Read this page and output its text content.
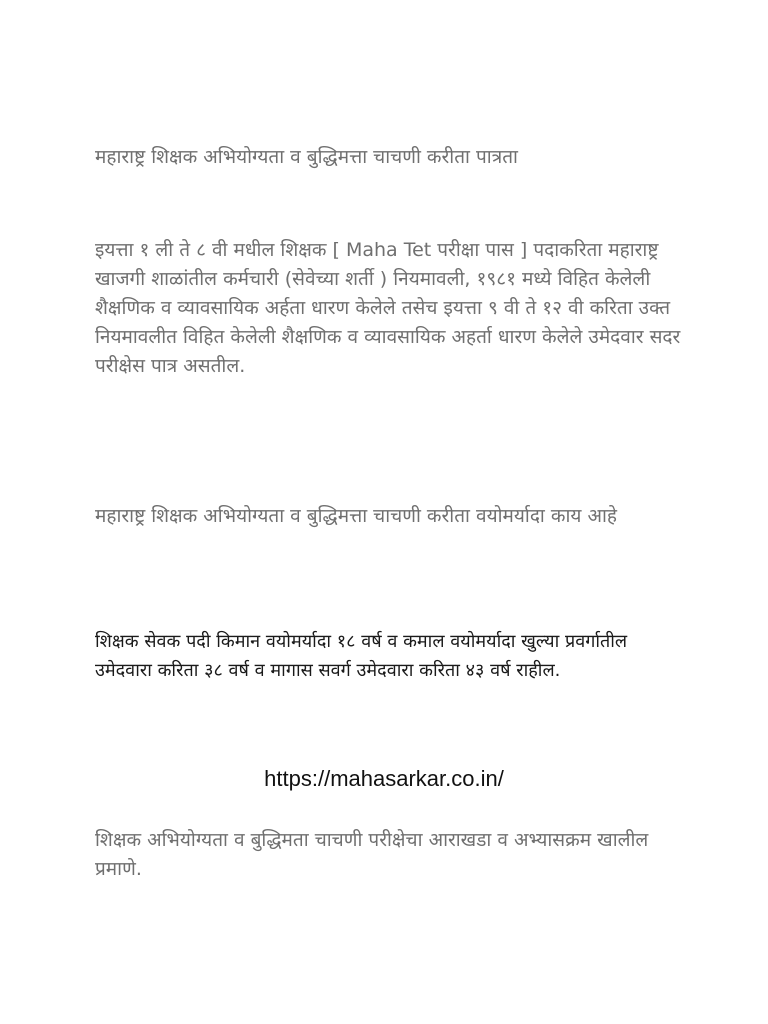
महाराष्ट्र शिक्षक अभियोग्यता व बुद्धिमत्ता चाचणी करीता पात्रता

इयत्ता १ ली ते ८ वी मधील शिक्षक [ Maha Tet परीक्षा पास ] पदाकरिता महाराष्ट्र खाजगी शाळांतील कर्मचारी (सेवेच्या शर्ती ) नियमावली, १९८१ मध्ये विहित केलेली शैक्षणिक व व्यावसायिक अर्हता धारण केलेले तसेच इयत्ता ९ वी ते १२ वी करिता उक्त नियमावलीत विहित केलेली शैक्षणिक व व्यावसायिक अहर्ता धारण केलेले उमेदवार सदर परीक्षेस पात्र असतील.

महाराष्ट्र शिक्षक अभियोग्यता व बुद्धिमत्ता चाचणी करीता वयोमर्यादा काय आहे

शिक्षक सेवक पदी किमान वयोमर्यादा १८ वर्ष व कमाल वयोमर्यादा खुल्या प्रवर्गातील उमेदवारा करिता ३८ वर्ष व मागास सवर्ग उमेदवारा करिता ४३ वर्ष राहील.

https://mahasarkar.co.in/

शिक्षक अभियोग्यता व बुद्धिमता चाचणी परीक्षेचा आराखडा व अभ्यासक्रम खालील प्रमाणे.
